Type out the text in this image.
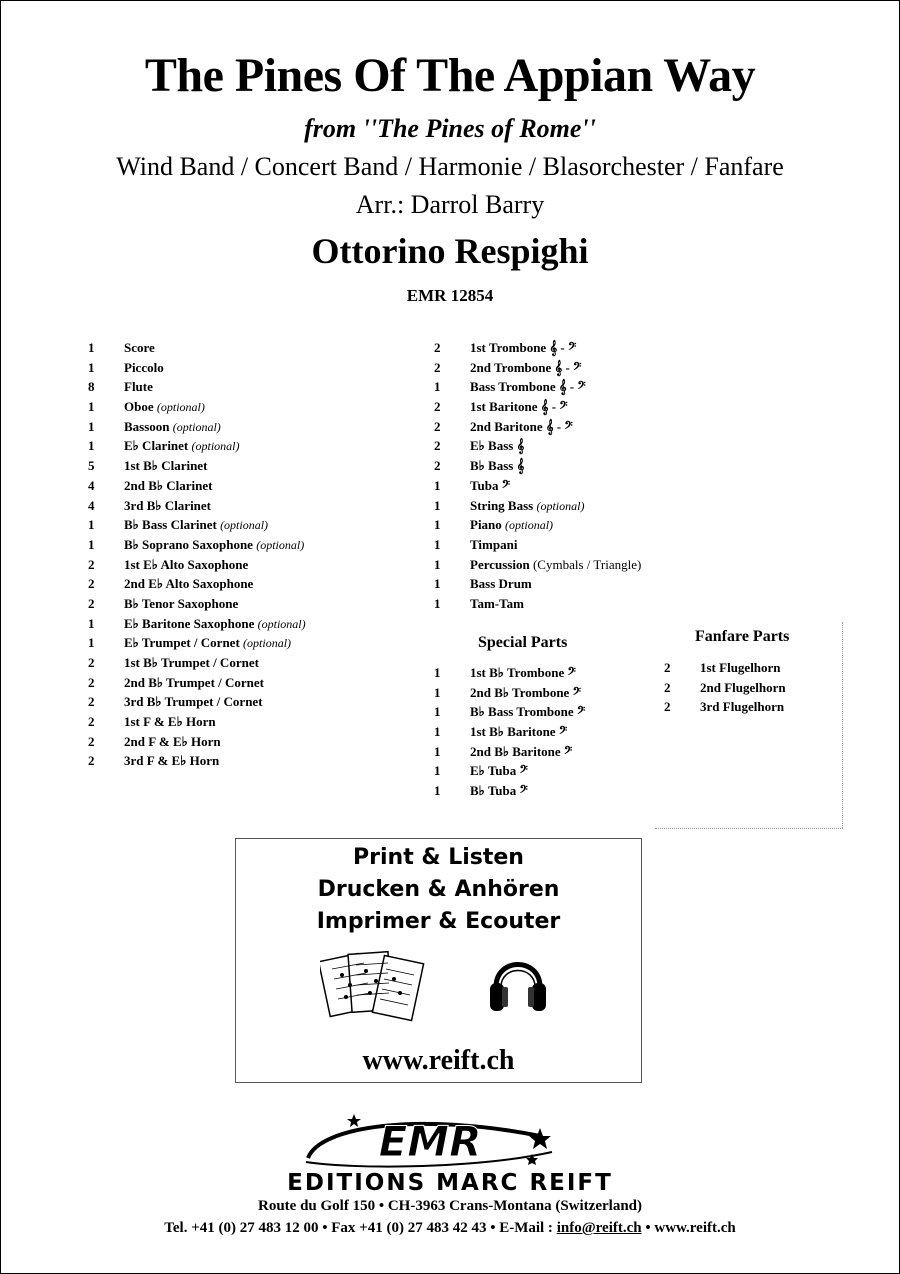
The Pines Of The Appian Way
from ''The Pines of Rome''
Wind Band / Concert Band / Harmonie / Blasorchester / Fanfare
Arr.: Darrol Barry
Ottorino Respighi
EMR 12854
1	Score
1	Piccolo
8	Flute
1	Oboe (optional)
1	Bassoon (optional)
1	E♭ Clarinet (optional)
5	1st B♭ Clarinet
4	2nd B♭ Clarinet
4	3rd B♭ Clarinet
1	B♭ Bass Clarinet (optional)
1	B♭ Soprano Saxophone (optional)
2	1st E♭ Alto Saxophone
2	2nd E♭ Alto Saxophone
2	B♭ Tenor Saxophone
1	E♭ Baritone Saxophone (optional)
1	E♭ Trumpet / Cornet (optional)
2	1st B♭ Trumpet / Cornet
2	2nd B♭ Trumpet / Cornet
2	3rd B♭ Trumpet / Cornet
2	1st F & E♭ Horn
2	2nd F & E♭ Horn
2	3rd F & E♭ Horn
2	1st Trombone 𝄞 - 𝄢
2	2nd Trombone 𝄞 - 𝄢
1	Bass Trombone 𝄞 - 𝄢
2	1st Baritone 𝄞 - 𝄢
2	2nd Baritone 𝄞 - 𝄢
2	E♭ Bass 𝄞
2	B♭ Bass 𝄞
1	Tuba 𝄢
1	String Bass (optional)
1	Piano (optional)
1	Timpani
1	Percussion (Cymbals / Triangle)
1	Bass Drum
1	Tam-Tam
Special Parts
1	1st B♭ Trombone 𝄢
1	2nd B♭ Trombone 𝄢
1	B♭ Bass Trombone 𝄢
1	1st B♭ Baritone 𝄢
1	2nd B♭ Baritone 𝄢
1	E♭ Tuba 𝄢
1	B♭ Tuba 𝄢
Fanfare Parts
2	1st Flugelhorn
2	2nd Flugelhorn
2	3rd Flugelhorn
Print & Listen
Drucken & Anhören
Imprimer & Ecouter
www.reift.ch
EMR
EDITIONS MARC REIFT
Route du Golf 150 • CH-3963 Crans-Montana (Switzerland)
Tel. +41 (0) 27 483 12 00 • Fax +41 (0) 27 483 42 43 • E-Mail : info@reift.ch • www.reift.ch
